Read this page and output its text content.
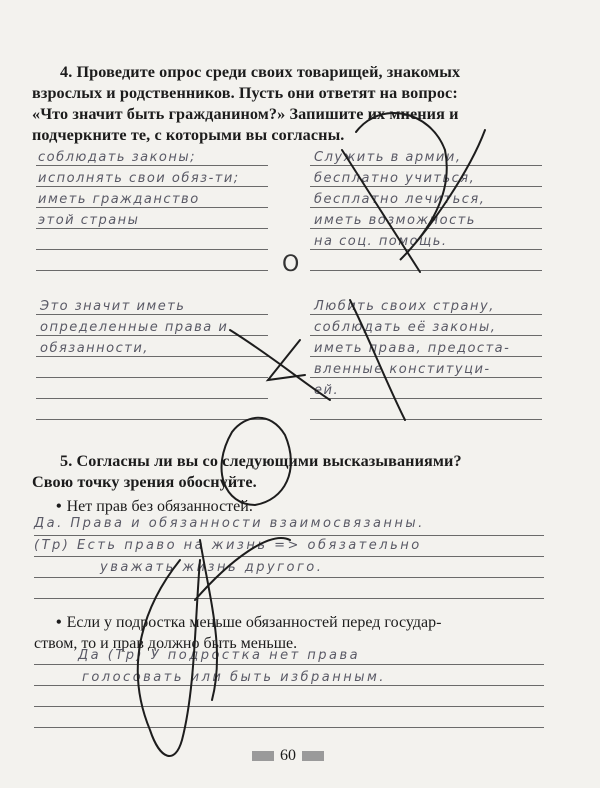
4. Проведите опрос среди своих товарищей, знакомых
взрослых и родственников. Пусть они ответят на вопрос:
«Что значит быть гражданином?» Запишите их мнения и
подчеркните те, с которыми вы согласны.
соблюдать законы;
исполнять свои обяз-ти;
иметь гражданство
этой страны
Служить в армии,
бесплатно учиться,
бесплатно лечиться,
иметь возможность
на соц. помощь.
O
Это значит иметь
определенные права и
обязанности,
Любить своих страну,
соблюдать её законы,
иметь права, предоста-
вленные конституци-
ей.
5. Согласны ли вы со следующими высказываниями?
Свою точку зрения обоснуйте.
• Нет прав без обязанностей.
Да. Права и обязанности взаимосвязанны.
(Тр) Есть право на жизнь => обязательно
уважать жизнь другого.
• Если у подростка меньше обязанностей перед государ-
ством, то и прав должно быть меньше.
Да (Тр) У подростка нет права
голосовать или быть избранным.
60
